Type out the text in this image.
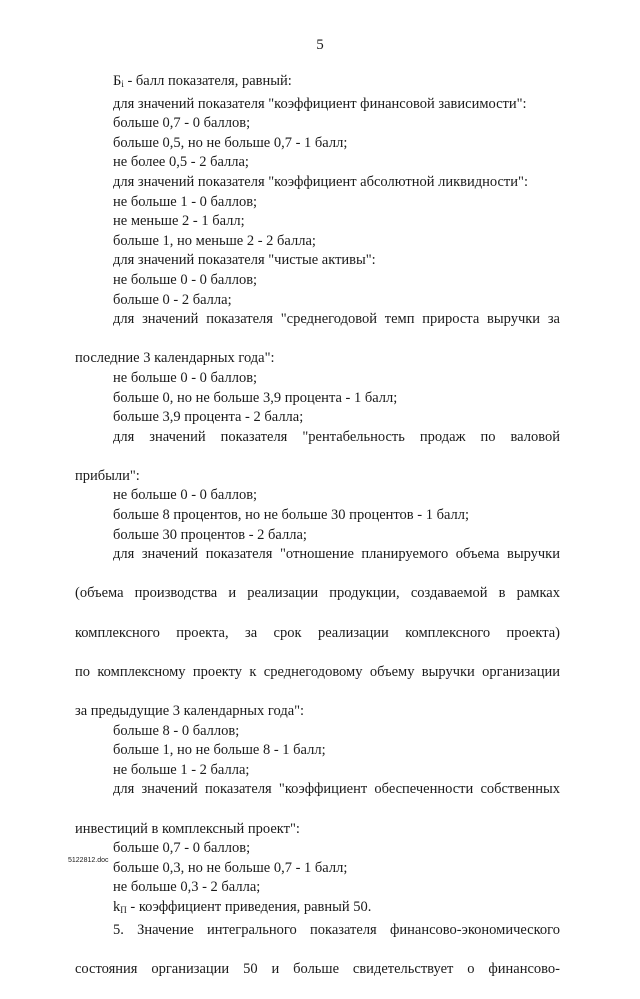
5
$Б_i$ - балл показателя, равный:
для значений показателя "коэффициент финансовой зависимости":
больше 0,7 - 0 баллов;
больше 0,5, но не больше 0,7 - 1 балл;
не более 0,5 - 2 балла;
для значений показателя "коэффициент абсолютной ликвидности":
не больше 1 - 0 баллов;
не меньше 2 - 1 балл;
больше 1, но меньше 2 - 2 балла;
для значений показателя "чистые активы":
не больше 0 - 0 баллов;
больше 0 - 2 балла;
для значений показателя "среднегодовой темп прироста выручки за
последние 3 календарных года":
не больше 0 - 0 баллов;
больше 0, но не больше 3,9 процента - 1 балл;
больше 3,9 процента - 2 балла;
для значений показателя "рентабельность продаж по валовой
прибыли":
не больше 0 - 0 баллов;
больше 8 процентов, но не больше 30 процентов - 1 балл;
больше 30 процентов - 2 балла;
для значений показателя "отношение планируемого объема выручки
(объема производства и реализации продукции, создаваемой в рамках
комплексного проекта, за срок реализации комплексного проекта)
по комплексному проекту к среднегодовому объему выручки организации
за предыдущие 3 календарных года":
больше 8 - 0 баллов;
больше 1, но не больше 8 - 1 балл;
не больше 1 - 2 балла;
для значений показателя "коэффициент обеспеченности собственных
инвестиций в комплексный проект":
больше 0,7 - 0 баллов;
больше 0,3, но не больше 0,7 - 1 балл;
не больше 0,3 - 2 балла;
$k_П$ - коэффициент приведения, равный 50.
5. Значение интегрального показателя финансово-экономического
состояния организации 50 и больше свидетельствует о финансово-
5122812.doc
